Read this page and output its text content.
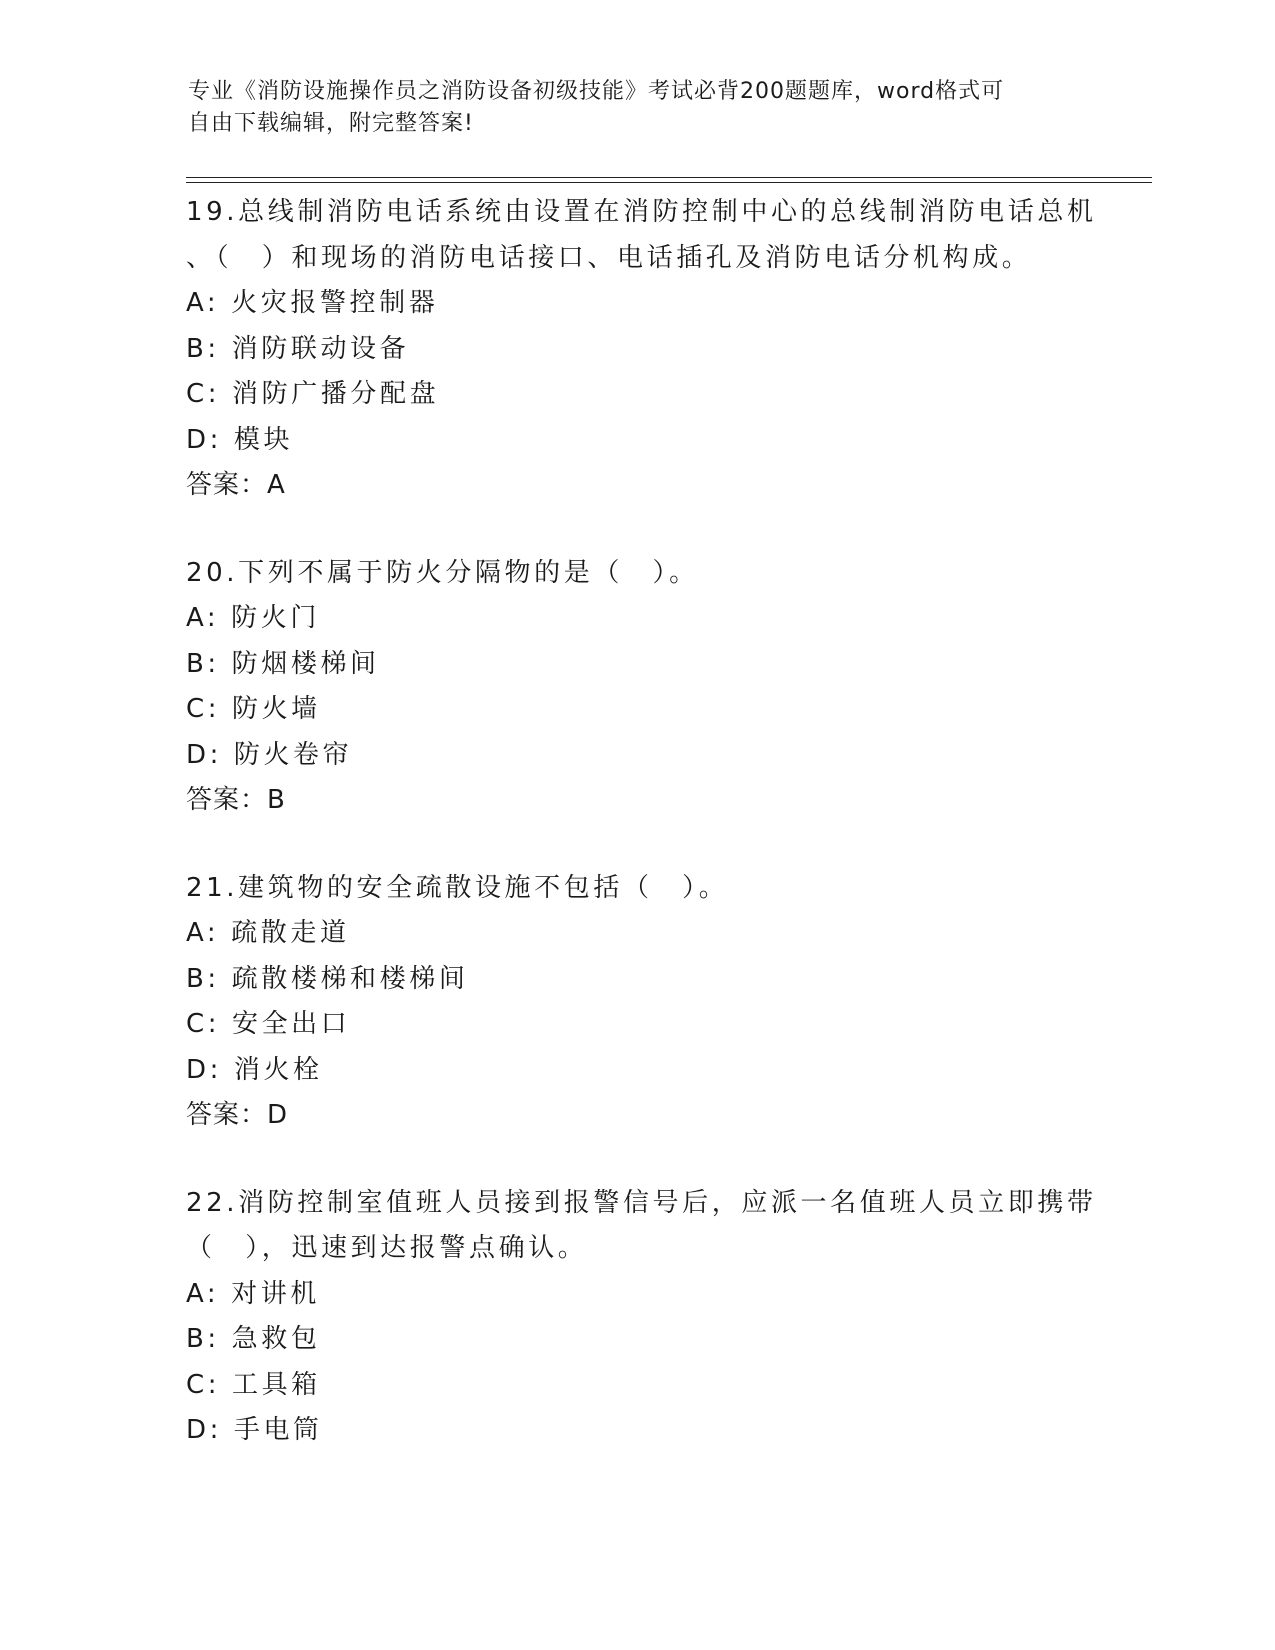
专业《消防设施操作员之消防设备初级技能》考试必背200题题库，word格式可
自由下载编辑，附完整答案!
19.总线制消防电话系统由设置在消防控制中心的总线制消防电话总机
、（　）和现场的消防电话接口、电话插孔及消防电话分机构成。
A: 火灾报警控制器
B: 消防联动设备
C: 消防广播分配盘
D: 模块
答案：A
20.下列不属于防火分隔物的是（　）。
A: 防火门
B: 防烟楼梯间
C: 防火墙
D: 防火卷帘
答案：B
21.建筑物的安全疏散设施不包括（　）。
A: 疏散走道
B: 疏散楼梯和楼梯间
C: 安全出口
D: 消火栓
答案：D
22.消防控制室值班人员接到报警信号后，应派一名值班人员立即携带
（　），迅速到达报警点确认。
A: 对讲机
B: 急救包
C: 工具箱
D: 手电筒
